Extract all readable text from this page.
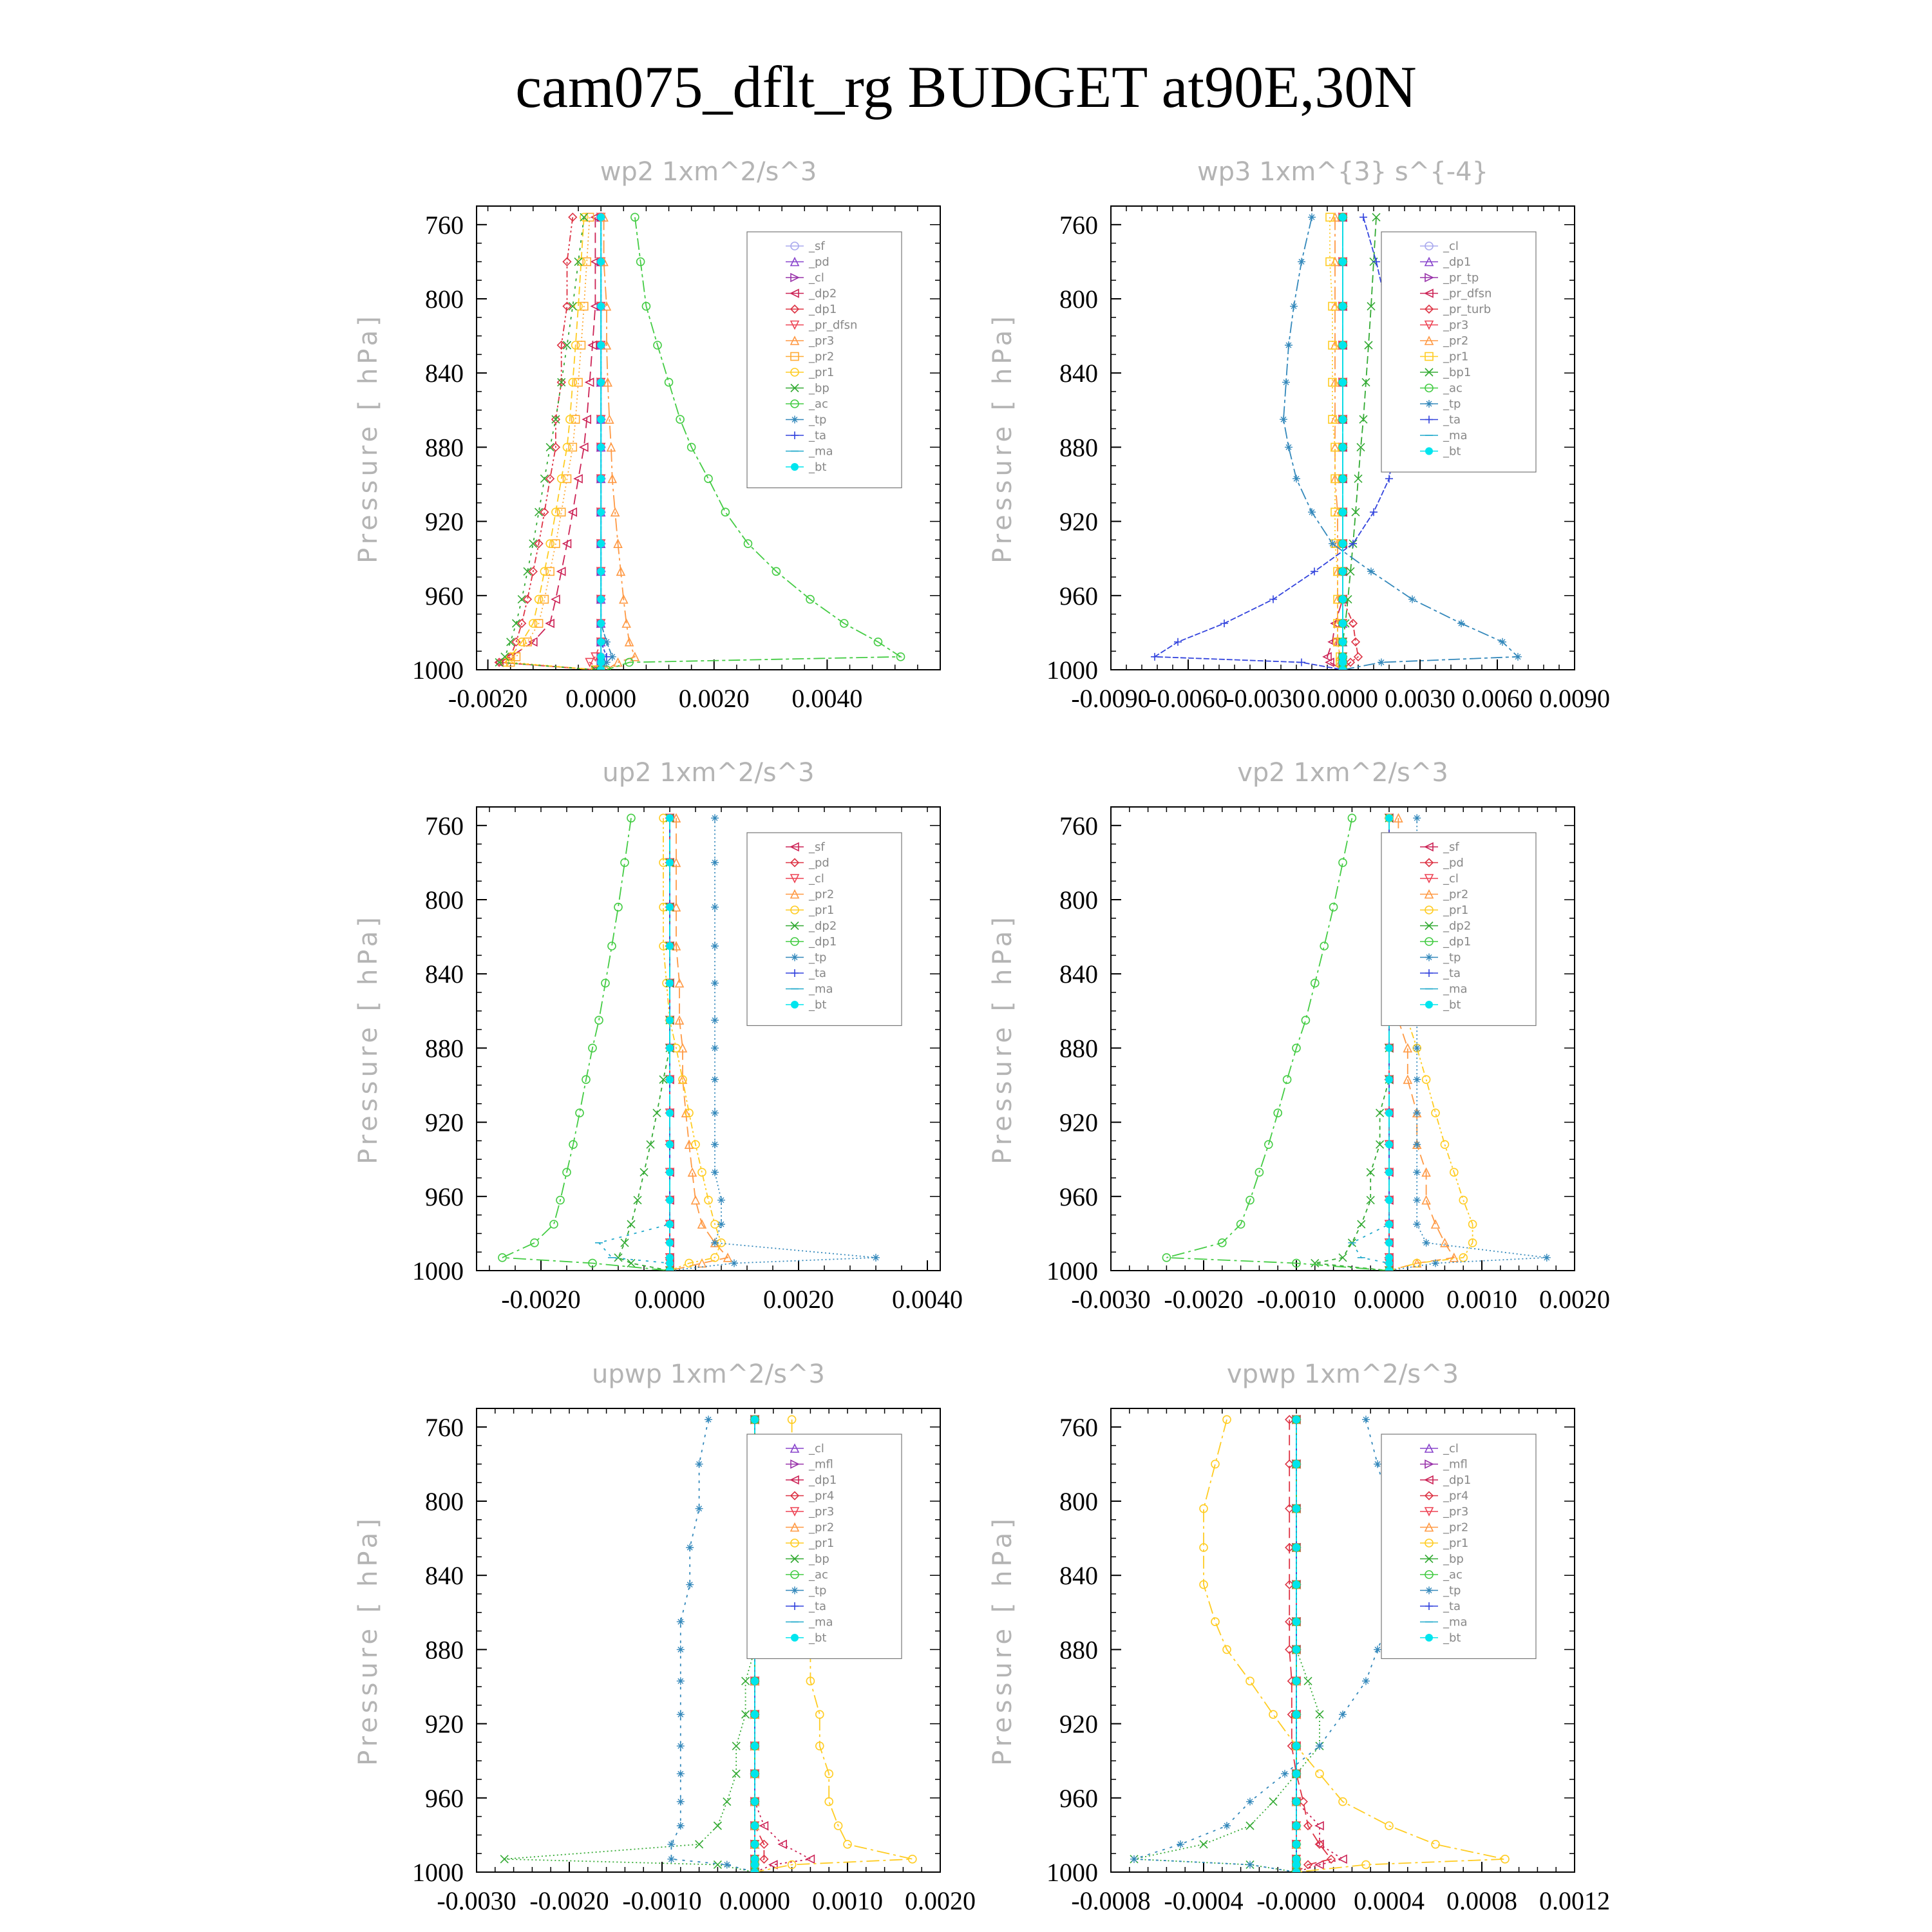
cam075_dflt_rg BUDGET at90E,30N
wp2 1xm^2/s^3
Pressure [ hPa]
760
800
840
880
920
960
1000
-0.0020 0.0000 0.0020 0.0040
_sf
_pd
_cl
_dp2
_dp1
_pr_dfsn
_pr3
_pr2
_pr1
_bp
_ac
_tp
_ta
_ma
_bt
wp3 1xm^{3} s^{-4}
Pressure [ hPa]
760
800
840
880
920
960
1000
-0.0090
-0.0060
-0.0030 0.0000 0.0030 0.0060 0.0090
_cl
_dp1
_pr_tp
_pr_dfsn
_pr_turb
_pr3
_pr2
_pr1
_bp1
_ac
_tp
_ta
_ma
_bt
up2 1xm^2/s^3
Pressure [ hPa]
760
800
840
880
920
960
1000
-0.0020 0.0000 0.0020 0.0040
_sf
_pd
_cl
_pr2
_pr1
_dp2
_dp1
_tp
_ta
_ma
_bt
vp2 1xm^2/s^3
Pressure [ hPa]
760
800
840
880
920
960
1000
-0.0030 -0.0020 -0.0010 0.0000 0.0010 0.0020
_sf
_pd
_cl
_pr2
_pr1
_dp2
_dp1
_tp
_ta
_ma
_bt
upwp 1xm^2/s^3
Pressure [ hPa]
760
800
840
880
920
960
1000
-0.0030 -0.0020 -0.0010 0.0000 0.0010 0.0020
_cl
_mfl
_dp1
_pr4
_pr3
_pr2
_pr1
_bp
_ac
_tp
_ta
_ma
_bt
vpwp 1xm^2/s^3
Pressure [ hPa]
760
800
840
880
920
960
1000
-0.0008 -0.0004 -0.0000 0.0004 0.0008 0.0012
_cl
_mfl
_dp1
_pr4
_pr3
_pr2
_pr1
_bp
_ac
_tp
_ta
_ma
_bt
